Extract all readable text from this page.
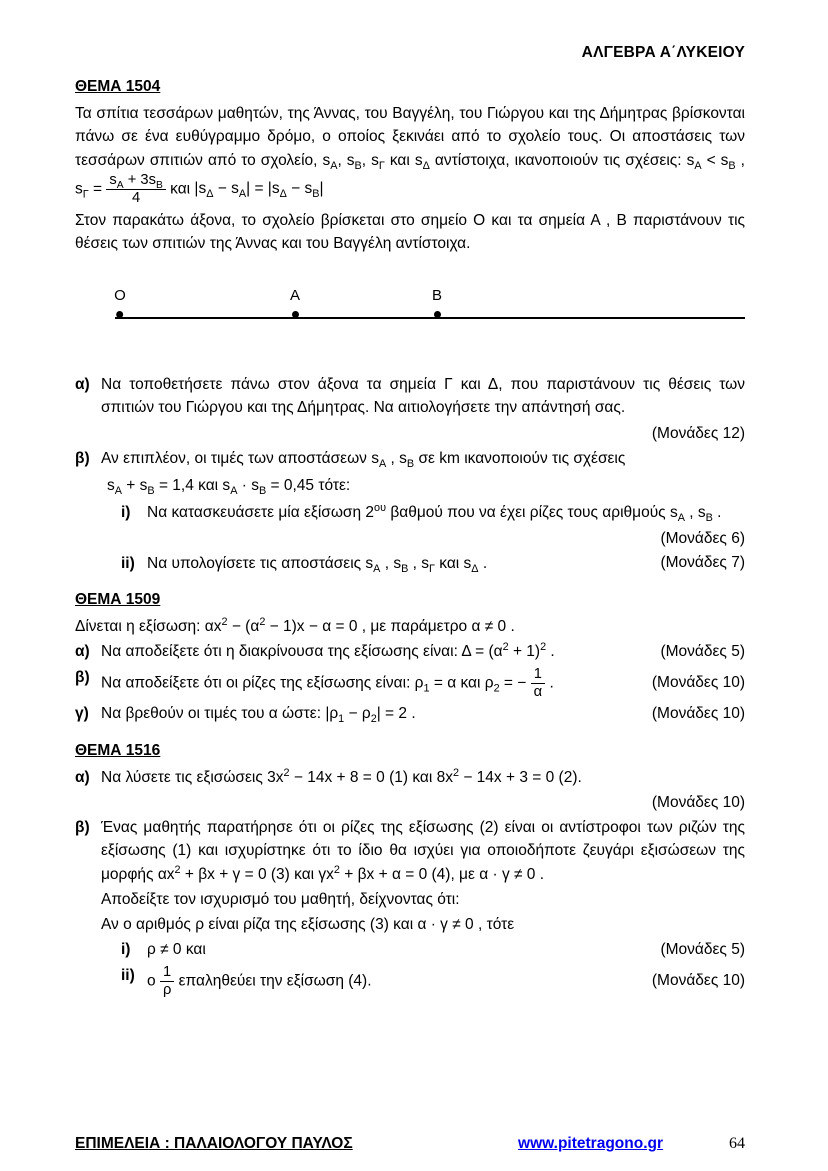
ΑΛΓΕΒΡΑ Α΄ΛΥΚΕΙΟΥ
ΘΕΜΑ 1504

Τα σπίτια τεσσάρων μαθητών, της Άννας, του Βαγγέλη, του Γιώργου και της Δήμητρας βρίσκονται πάνω σε ένα ευθύγραμμο δρόμο, ο οποίος ξεκινάει από το σχολείο τους. Οι αποστάσεις των τεσσάρων σπιτιών από το σχολείο, $s_A$, $s_B$, $s_\Gamma$ και $s_\Delta$ αντίστοιχα, ικανοποιούν τις σχέσεις: $s_A < s_B$ , $s_\Gamma = \frac{s_A + 3s_B}{4}$ και $|s_\Delta - s_A| = |s_\Delta - s_B|$

Στον παρακάτω άξονα, το σχολείο βρίσκεται στο σημείο Ο και τα σημεία Α , Β παριστάνουν τις θέσεις των σπιτιών της Άννας και του Βαγγέλη αντίστοιχα.

O	A	B
α) Να τοποθετήσετε πάνω στον άξονα τα σημεία Γ και Δ, που παριστάνουν τις θέσεις των σπιτιών του Γιώργου και της Δήμητρας. Να αιτιολογήσετε την απάντησή σας.

(Μονάδες 12)
β) Αν επιπλέον, οι τιμές των αποστάσεων $s_A$ , $s_B$ σε km ικανοποιούν τις σχέσεις

$s_A + s_B = 1,4$ και $s_A \cdot s_B = 0,45$ τότε:

i)	Να κατασκευάσετε μία εξίσωση $2^{o\upsilon}$ βαθμού που να έχει ρίζες τους αριθμούς $s_A$ , $s_B$ .

(Μονάδες 6)
ii) Να υπολογίσετε τις αποστάσεις $s_A$ , $s_B$ , $s_\Gamma$ και $s_\Delta$ .	(Μονάδες 7)
ΘΕΜΑ 1509

Δίνεται η εξίσωση: $\alpha x^2 - (\alpha^2 - 1)x - \alpha = 0$ , με παράμετρο α ≠ 0 .

α) Να αποδείξετε ότι η διακρίνουσα της εξίσωσης είναι: $\Delta = (\alpha^2 + 1)^2$ .	(Μονάδες 5)
β) Να αποδείξετε ότι οι ρίζες της εξίσωσης είναι: $\rho_1 = \alpha$ και $\rho_2$ = − $\frac{1}{\alpha}$ .	(Μονάδες 10)
γ) Να βρεθούν οι τιμές του α ώστε: $|\rho_1 - \rho_2| = 2$ .	(Μονάδες 10)
ΘΕΜΑ 1516
α) Να λύσετε τις εξισώσεις $3x^2 - 14x + 8 = 0$ (1) και $8x^2 - 14x + 3 = 0$ (2).

(Μονάδες 10)
β) Ένας μαθητής παρατήρησε ότι οι ρίζες της εξίσωσης (2) είναι οι αντίστροφοι των ριζών της εξίσωσης (1) και ισχυρίστηκε ότι το ίδιο θα ισχύει για οποιοδήποτε ζευγάρι εξισώσεων της μορφής $\alpha x^2 + \beta x + \gamma = 0$ (3) και $\gamma x^2 + \beta x + \alpha = 0$ (4), με α · γ ≠ 0 .

Αποδείξτε τον ισχυρισμό του μαθητή, δείχνοντας ότι:

Αν ο αριθμός ρ είναι ρίζα της εξίσωσης (3) και α · γ ≠ 0 , τότε

i)	ρ ≠ 0 και	(Μονάδες 5)
ii) ο $\frac{1}{\rho}$ επαληθεύει την εξίσωση (4).	(Μονάδες 10)
ΕΠΙΜΕΛΕΙΑ : ΠΑΛΑΙΟΛΟΓΟΥ ΠΑΥΛΟΣ	www.pitetragono.gr	64
